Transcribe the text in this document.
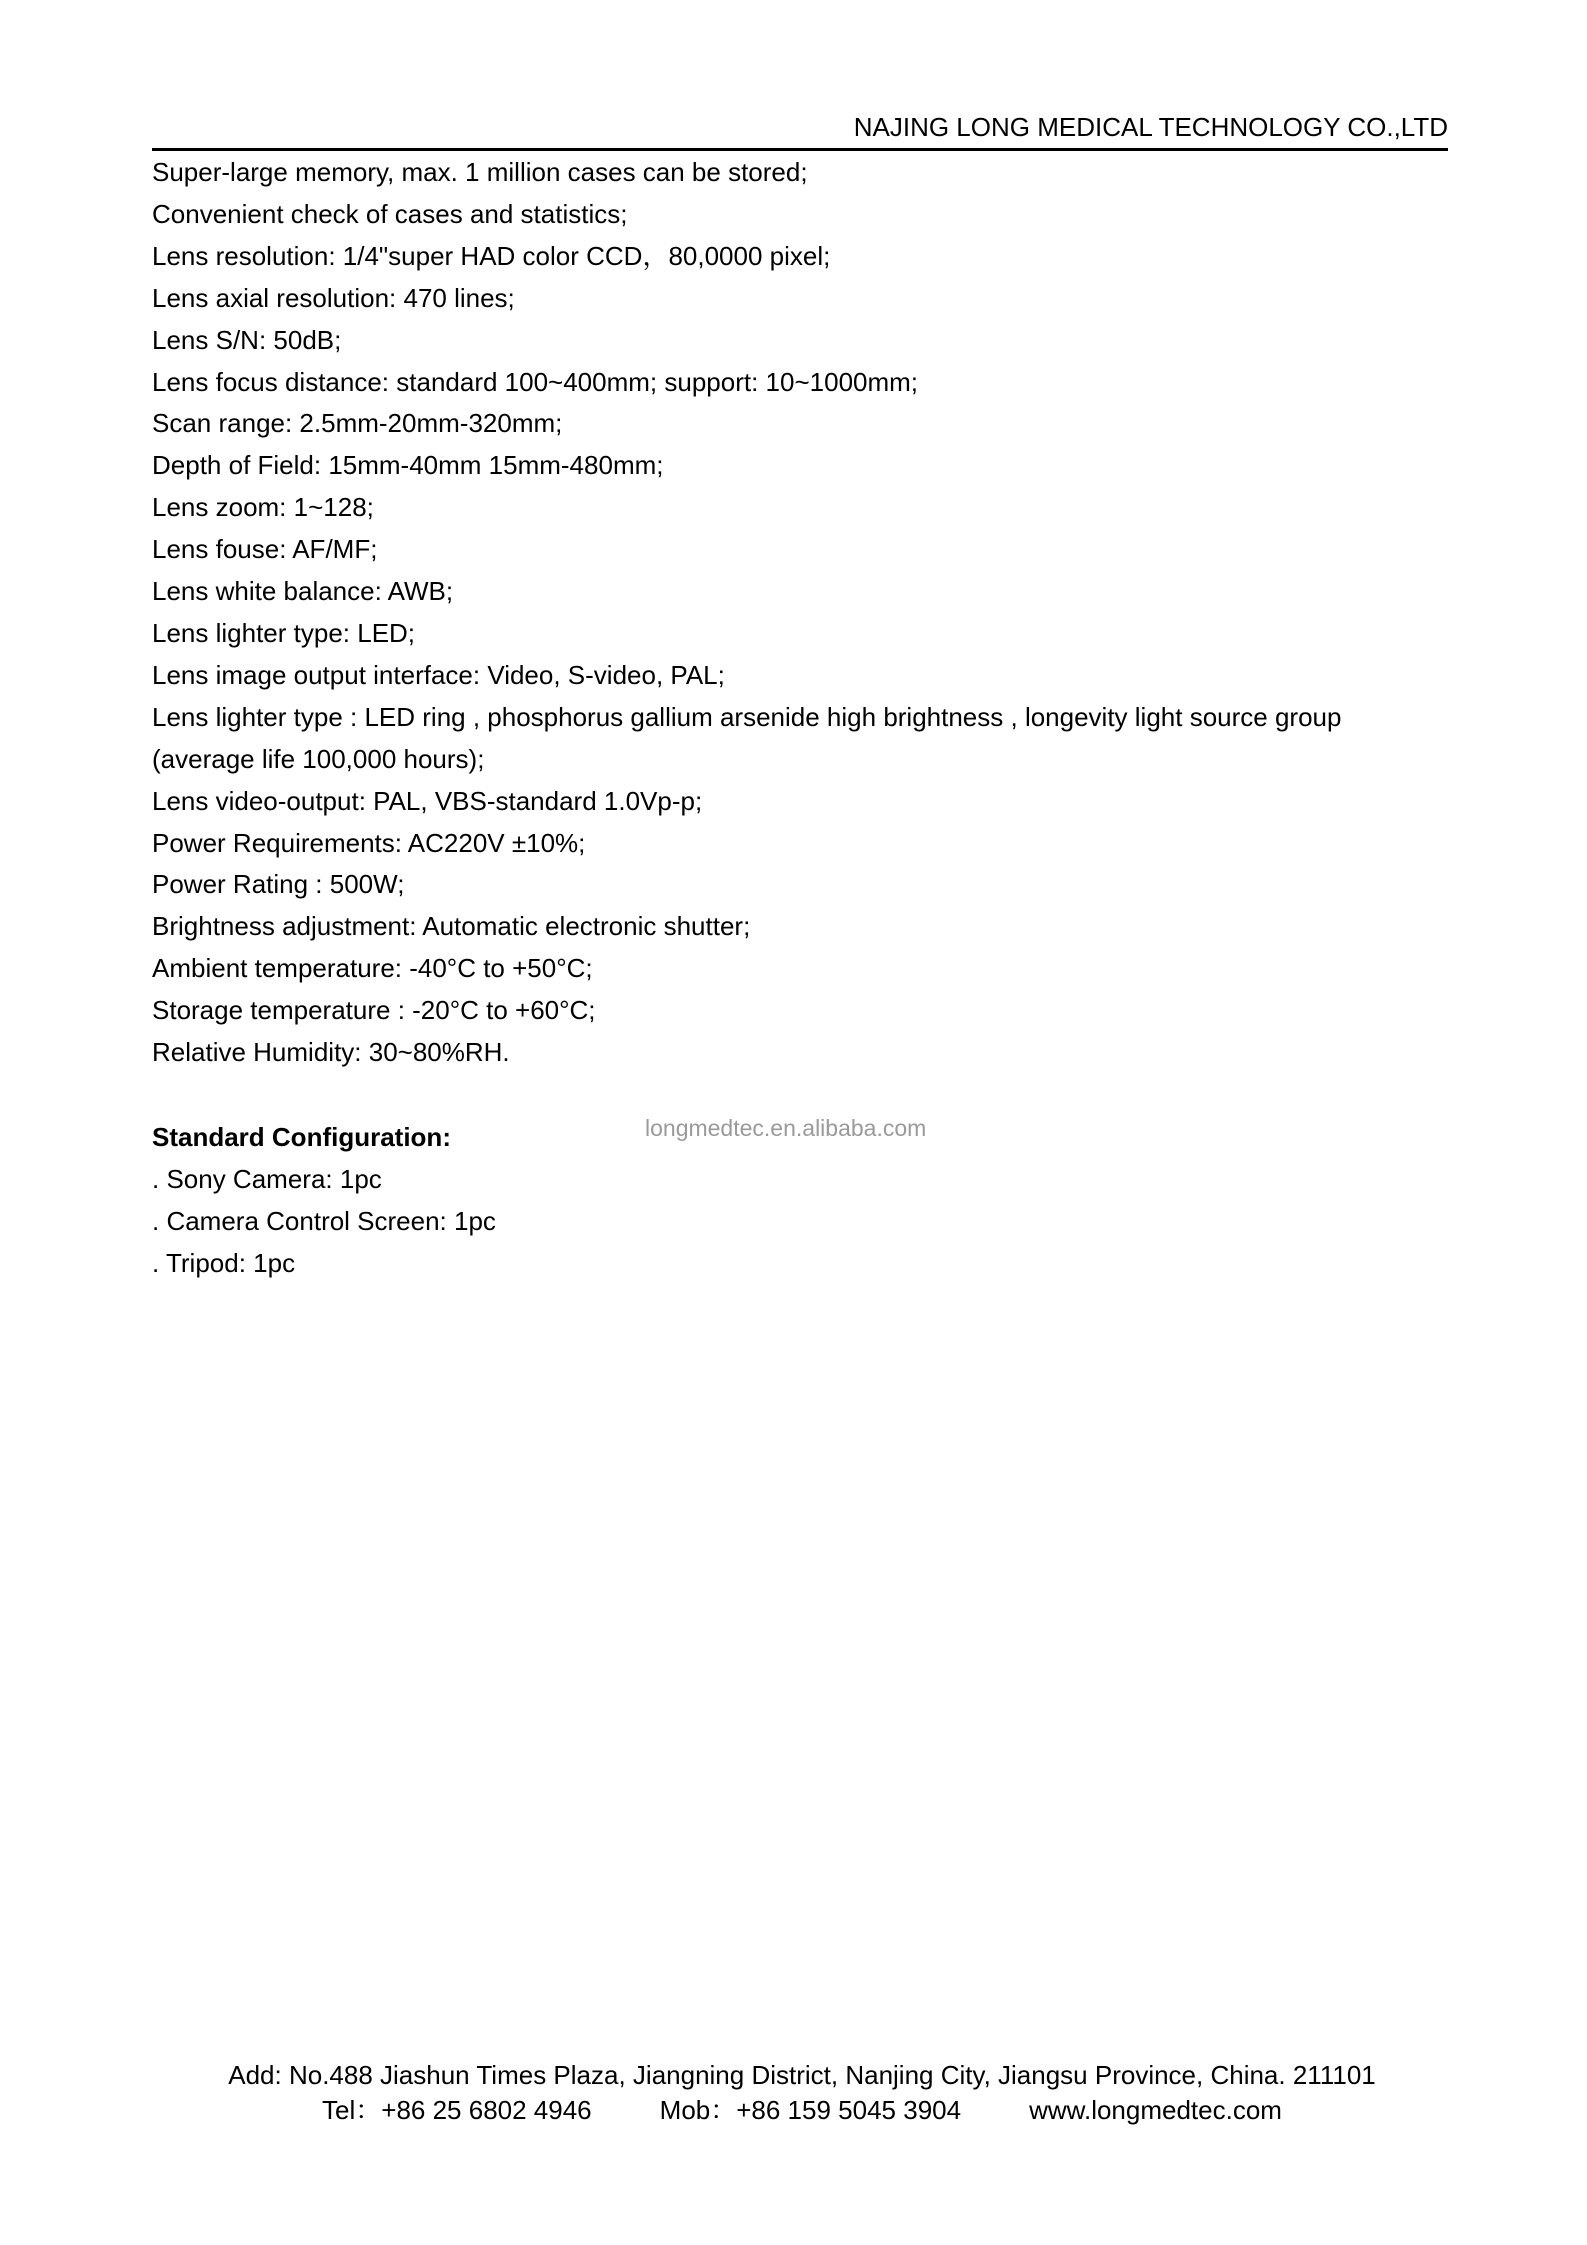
NAJING LONG MEDICAL TECHNOLOGY CO.,LTD
Super-large memory, max. 1 million cases can be stored;
Convenient check of cases and statistics;
Lens resolution: 1/4"super HAD color CCD，80,0000 pixel;
Lens axial resolution: 470 lines;
Lens S/N: 50dB;
Lens focus distance: standard 100~400mm; support: 10~1000mm;
Scan range: 2.5mm-20mm-320mm;
Depth of Field: 15mm-40mm 15mm-480mm;
Lens zoom: 1~128;
Lens fouse: AF/MF;
Lens white balance: AWB;
Lens lighter type: LED;
Lens image output interface: Video, S-video, PAL;
Lens lighter type : LED ring , phosphorus gallium arsenide high brightness , longevity light source group
(average life 100,000 hours);
Lens video-output: PAL, VBS-standard 1.0Vp-p;
Power Requirements: AC220V ±10%;
Power Rating : 500W;
Brightness adjustment: Automatic electronic shutter;
Ambient temperature: -40°C to +50°C;
Storage temperature : -20°C to +60°C;
Relative Humidity: 30~80%RH.
longmedtec.en.alibaba.com
Standard Configuration:
. Sony Camera: 1pc
. Camera Control Screen: 1pc
. Tripod: 1pc
Add: No.488 Jiashun Times Plaza, Jiangning District, Nanjing City, Jiangsu Province, China. 211101
Tel：+86 25 6802 4946	Mob：+86 159 5045 3904	www.longmedtec.com
